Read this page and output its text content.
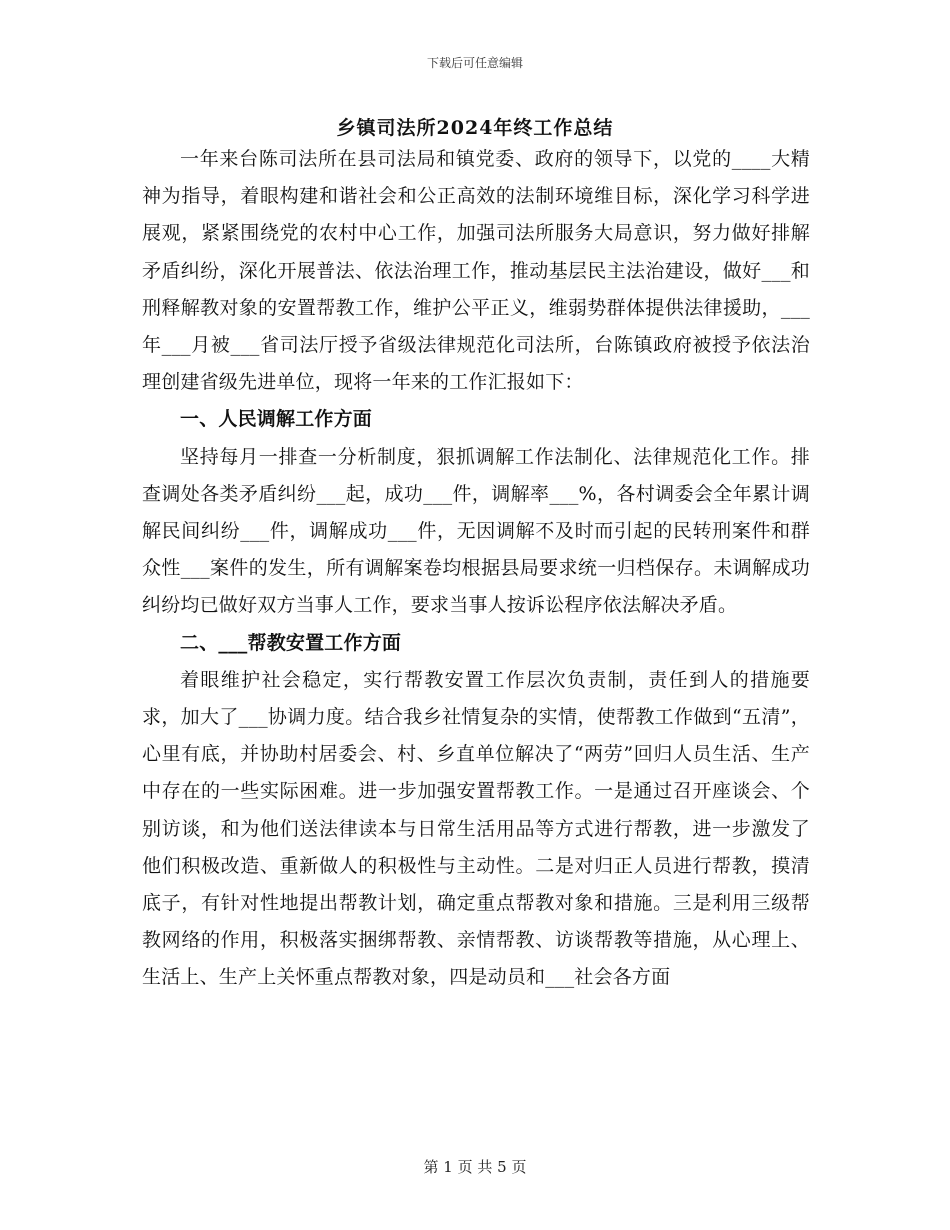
下载后可任意编辑
乡镇司法所2024年终工作总结

一年来台陈司法所在县司法局和镇党委、政府的领导下，以党的____大精神为指导，着眼构建和谐社会和公正高效的法制环境维目标，深化学习科学进展观，紧紧围绕党的农村中心工作，加强司法所服务大局意识，努力做好排解矛盾纠纷，深化开展普法、依法治理工作，推动基层民主法治建设，做好___和刑释解教对象的安置帮教工作，维护公平正义，维弱势群体提供法律援助，___年___月被___省司法厅授予省级法律规范化司法所，台陈镇政府被授予依法治理创建省级先进单位，现将一年来的工作汇报如下：

一、人民调解工作方面

坚持每月一排查一分析制度，狠抓调解工作法制化、法律规范化工作。排查调处各类矛盾纠纷___起，成功___件，调解率___%，各村调委会全年累计调解民间纠纷___件，调解成功___件，无因调解不及时而引起的民转刑案件和群众性___案件的发生，所有调解案卷均根据县局要求统一归档保存。未调解成功纠纷均已做好双方当事人工作，要求当事人按诉讼程序依法解决矛盾。

二、___帮教安置工作方面

着眼维护社会稳定，实行帮教安置工作层次负责制，责任到人的措施要求，加大了___协调力度。结合我乡社情复杂的实情，使帮教工作做到“五清”，心里有底，并协助村居委会、村、乡直单位解决了“两劳”回归人员生活、生产中存在的一些实际困难。进一步加强安置帮教工作。一是通过召开座谈会、个别访谈，和为他们送法律读本与日常生活用品等方式进行帮教，进一步激发了他们积极改造、重新做人的积极性与主动性。二是对归正人员进行帮教，摸清底子，有针对性地提出帮教计划，确定重点帮教对象和措施。三是利用三级帮教网络的作用，积极落实捆绑帮教、亲情帮教、访谈帮教等措施，从心理上、生活上、生产上关怀重点帮教对象，四是动员和___社会各方面

第 1 页 共 5 页
